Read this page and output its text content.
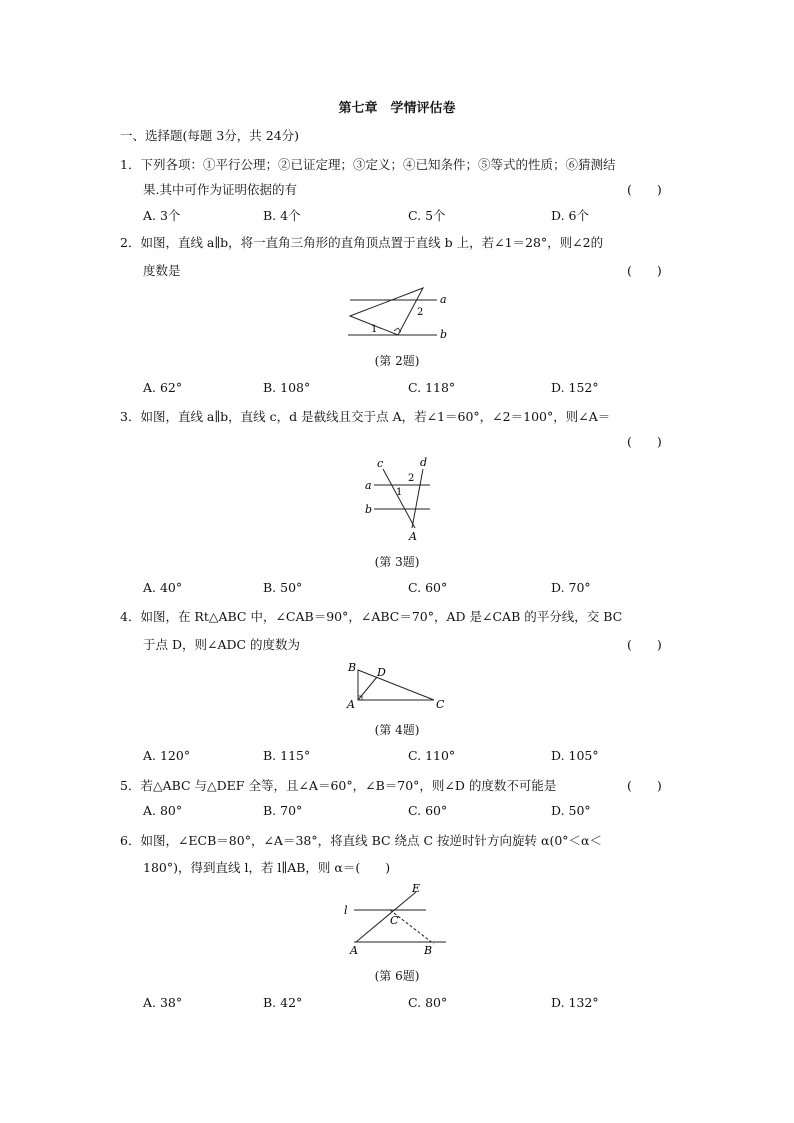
第七章　学情评估卷
一、选择题(每题 3分，共 24分)
1．下列各项：①平行公理；②已证定理；③定义；④已知条件；⑤等式的性质；⑥猜测结
果.其中可作为证明依据的有	(　　)
A. 3个	B. 4个	C. 5个	D. 6个
2．如图，直线 a∥b，将一直角三角形的直角顶点置于直线 b 上，若∠1＝28°，则∠2的
度数是	(　　)
a
b
1
2
(第 2题)
A. 62°	B. 108°	C. 118°	D. 152°
3．如图，直线 a∥b，直线 c，d 是截线且交于点 A，若∠1＝60°，∠2＝100°，则∠A＝
(　　)
c	d
a
b
1
2
A
(第 3题)
A. 40°	B. 50°	C. 60°	D. 70°
4．如图，在 Rt△ABC 中，∠CAB＝90°，∠ABC＝70°，AD 是∠CAB 的平分线，交 BC
于点 D，则∠ADC 的度数为	(　　)
B D
A	C
(第 4题)
A. 120°	B. 115°	C. 110°	D. 105°
5．若△ABC 与△DEF 全等，且∠A＝60°，∠B＝70°，则∠D 的度数不可能是	(　　)
A. 80°	B. 70°	C. 60°	D. 50°
6．如图，∠ECB＝80°，∠A＝38°，将直线 BC 绕点 C 按逆时针方向旋转 α(0°＜α＜
180°)，得到直线 l，若 l∥AB，则 α＝(　　)
l
E
C
A	B
(第 6题)
A. 38°	B. 42°	C. 80°	D. 132°
